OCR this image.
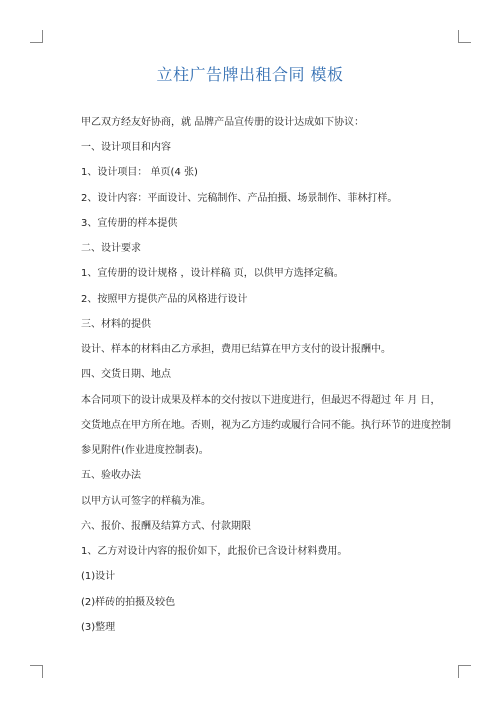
立柱广告牌出租合同 模板
甲乙双方经友好协商，就 品牌产品宣传册的设计达成如下协议：
一、设计项目和内容
1、设计项目： 单页(4 张)
2、设计内容：平面设计、完稿制作、产品拍摄、场景制作、菲林打样。
3、宣传册的样本提供
二、设计要求
1、宣传册的设计规格 ，设计样稿 页，以供甲方选择定稿。
2、按照甲方提供产品的风格进行设计
三、材料的提供
设计、样本的材料由乙方承担，费用已结算在甲方支付的设计报酬中。
四、交货日期、地点
本合同项下的设计成果及样本的交付按以下进度进行，但最迟不得超过 年 月 日，
交货地点在甲方所在地。否则，视为乙方违约或履行合同不能。执行环节的进度控制
参见附件(作业进度控制表)。
五、验收办法
以甲方认可签字的样稿为准。
六、报价、报酬及结算方式、付款期限
1、乙方对设计内容的报价如下，此报价已含设计材料费用。
(1)设计
(2)样砖的拍摄及较色
(3)整理
